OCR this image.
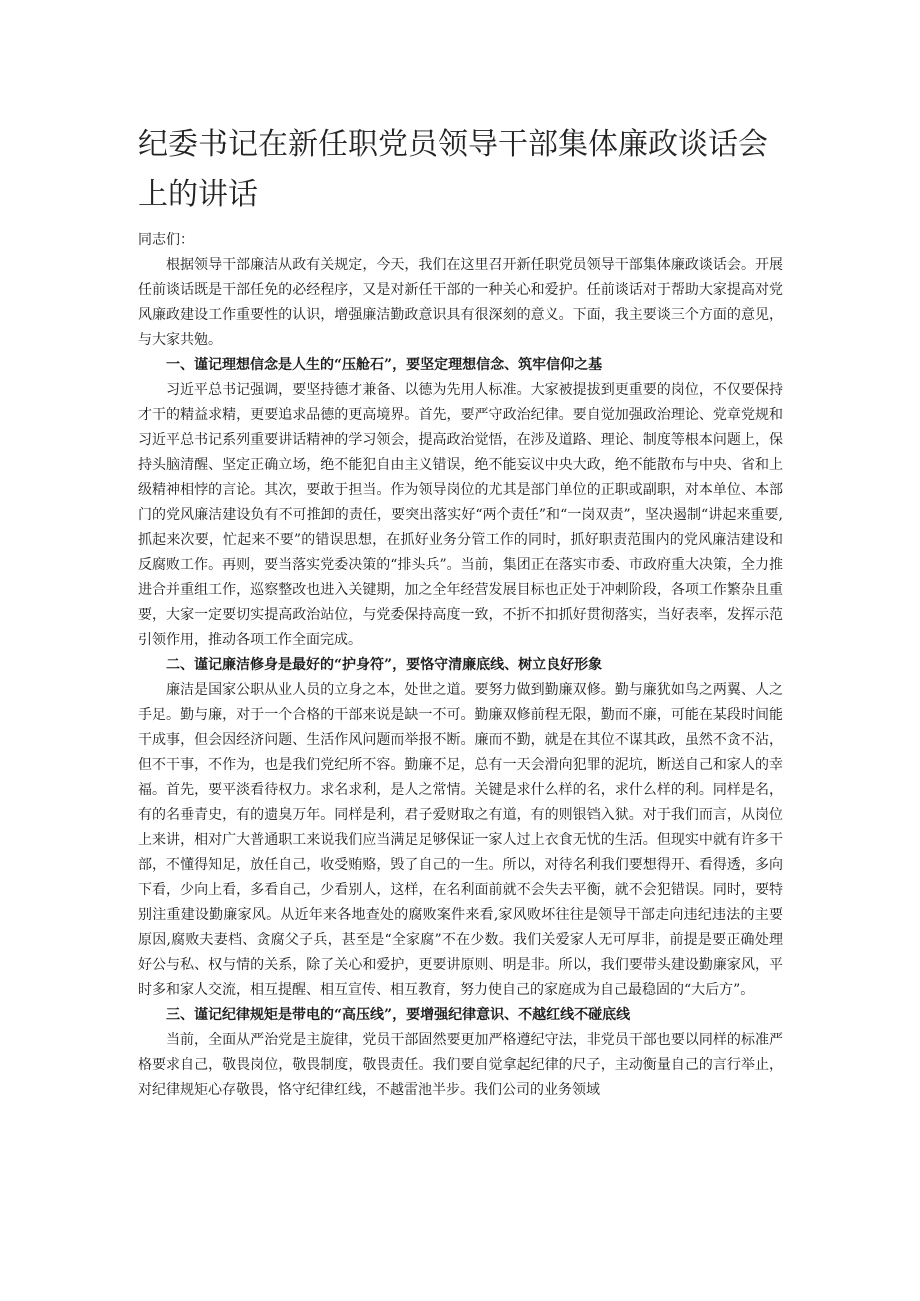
纪委书记在新任职党员领导干部集体廉政谈话会上的讲话

同志们：

根据领导干部廉洁从政有关规定，今天，我们在这里召开新任职党员领导干部集体廉政谈话会。开展任前谈话既是干部任免的必经程序，又是对新任干部的一种关心和爱护。任前谈话对于帮助大家提高对党风廉政建设工作重要性的认识，增强廉洁勤政意识具有很深刻的意义。下面，我主要谈三个方面的意见，与大家共勉。

一、谨记理想信念是人生的“压舱石”，要坚定理想信念、筑牢信仰之基

习近平总书记强调，要坚持德才兼备、以德为先用人标准。大家被提拔到更重要的岗位，不仅要保持才干的精益求精，更要追求品德的更高境界。首先，要严守政治纪律。要自觉加强政治理论、党章党规和习近平总书记系列重要讲话精神的学习领会，提高政治觉悟，在涉及道路、理论、制度等根本问题上，保持头脑清醒、坚定正确立场，绝不能犯自由主义错误，绝不能妄议中央大政，绝不能散布与中央、省和上级精神相悖的言论。其次，要敢于担当。作为领导岗位的尤其是部门单位的正职或副职，对本单位、本部门的党风廉洁建设负有不可推卸的责任，要突出落实好“两个责任”和“一岗双责”，坚决遏制“讲起来重要,抓起来次要，忙起来不要”的错误思想，在抓好业务分管工作的同时，抓好职责范围内的党风廉洁建设和反腐败工作。再则，要当落实党委决策的“排头兵”。当前，集团正在落实市委、市政府重大决策，全力推进合并重组工作，巡察整改也进入关键期，加之全年经营发展目标也正处于冲刺阶段，各项工作繁杂且重要，大家一定要切实提高政治站位，与党委保持高度一致，不折不扣抓好贯彻落实，当好表率，发挥示范引领作用，推动各项工作全面完成。

二、谨记廉洁修身是最好的“护身符”，要恪守清廉底线、树立良好形象

廉洁是国家公职从业人员的立身之本，处世之道。要努力做到勤廉双修。勤与廉犹如鸟之两翼、人之手足。勤与廉，对于一个合格的干部来说是缺一不可。勤廉双修前程无限，勤而不廉，可能在某段时间能干成事，但会因经济问题、生活作风问题而举报不断。廉而不勤，就是在其位不谋其政，虽然不贪不沾，但不干事，不作为，也是我们党纪所不容。勤廉不足，总有一天会滑向犯罪的泥坑，断送自己和家人的幸福。首先，要平淡看待权力。求名求利，是人之常情。关键是求什么样的名，求什么样的利。同样是名，有的名垂青史，有的遗臭万年。同样是利，君子爱财取之有道，有的则银铛入狱。对于我们而言，从岗位上来讲，相对广大普通职工来说我们应当满足足够保证一家人过上衣食无忧的生活。但现实中就有许多干部，不懂得知足，放任自己，收受贿赂，毁了自己的一生。所以，对待名利我们要想得开、看得透，多向下看，少向上看，多看自己，少看别人，这样，在名利面前就不会失去平衡，就不会犯错误。同时，要特别注重建设勤廉家风。从近年来各地查处的腐败案件来看,家风败坏往往是领导干部走向违纪违法的主要原因,腐败夫妻档、贪腐父子兵，甚至是“全家腐”不在少数。我们关爱家人无可厚非，前提是要正确处理好公与私、权与情的关系，除了关心和爱护，更要讲原则、明是非。所以，我们要带头建设勤廉家风，平时多和家人交流，相互提醒、相互宣传、相互教育，努力使自己的家庭成为自己最稳固的“大后方”。

三、谨记纪律规矩是带电的“高压线”，要增强纪律意识、不越红线不碰底线

当前，全面从严治党是主旋律，党员干部固然要更加严格遵纪守法，非党员干部也要以同样的标准严格要求自己，敬畏岗位，敬畏制度，敬畏责任。我们要自觉拿起纪律的尺子，主动衡量自己的言行举止，对纪律规矩心存敬畏，恪守纪律红线，不越雷池半步。我们公司的业务领域
